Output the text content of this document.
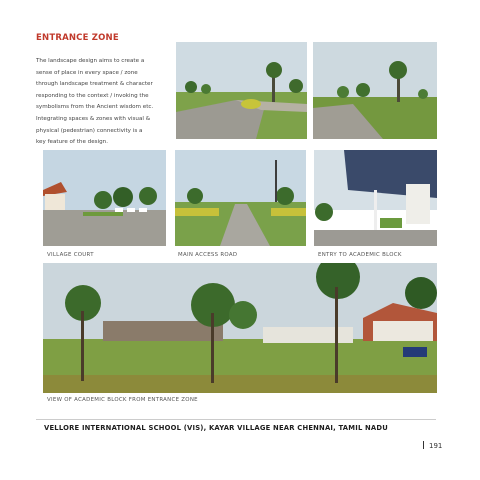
ENTRANCE ZONE
The landscape design aims to create a
sense of place in every space / zone
through landscape treatment & character
responding to the context / invoking the
symbolisms from the Ancient wisdom etc.
Integrating spaces & zones with visual &
physical (pedestrian) connectivity is a
key feature of the design.
VILLAGE COURT	MAIN ACCESS ROAD	ENTRY TO ACADEMIC BLOCK
VIEW OF ACADEMIC BLOCK FROM ENTRANCE ZONE
VELLORE INTERNATIONAL SCHOOL (VIS), KAYAR VILLAGE NEAR CHENNAI, TAMIL NADU
191
